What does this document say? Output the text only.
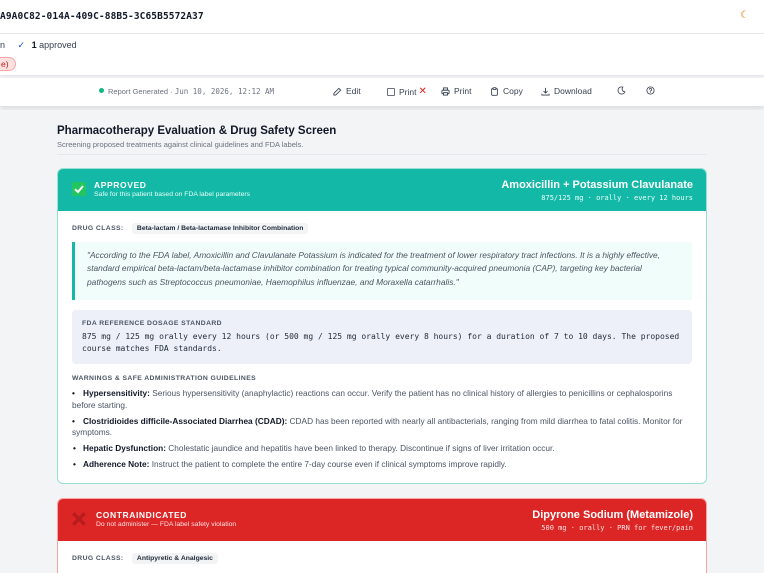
A9A0C82-014A-409C-88B5-3C65B5572A37	☾
n ✓ 1 approved
e)
Report Generated · Jun 10, 2026, 12:12 AM	Edit	Print ✕	Print	Copy	Download
Pharmacotherapy Evaluation & Drug Safety Screen
Screening proposed treatments against clinical guidelines and FDA labels.
APPROVED
Safe for this patient based on FDA label parameters
Amoxicillin + Potassium Clavulanate
875/125 mg · orally · every 12 hours
DRUG CLASS: Beta-lactam / Beta-lactamase Inhibitor Combination
"According to the FDA label, Amoxicillin and Clavulanate Potassium is indicated for the treatment of lower respiratory tract infections. It is a highly effective, standard empirical beta-lactam/beta-lactamase inhibitor combination for treating typical community-acquired pneumonia (CAP), targeting key bacterial pathogens such as Streptococcus pneumoniae, Haemophilus influenzae, and Moraxella catarrhalis."
FDA REFERENCE DOSAGE STANDARD
875 mg / 125 mg orally every 12 hours (or 500 mg / 125 mg orally every 8 hours) for a duration of 7 to 10 days. The proposed course matches FDA standards.
WARNINGS & SAFE ADMINISTRATION GUIDELINES
• Hypersensitivity: Serious hypersensitivity (anaphylactic) reactions can occur. Verify the patient has no clinical history of allergies to penicillins or cephalosporins before starting.
• Clostridioides difficile-Associated Diarrhea (CDAD): CDAD has been reported with nearly all antibacterials, ranging from mild diarrhea to fatal colitis. Monitor for symptoms.
• Hepatic Dysfunction: Cholestatic jaundice and hepatitis have been linked to therapy. Discontinue if signs of liver irritation occur.
• Adherence Note: Instruct the patient to complete the entire 7-day course even if clinical symptoms improve rapidly.
CONTRAINDICATED
Do not administer — FDA label safety violation
Dipyrone Sodium (Metamizole)
500 mg · orally · PRN for fever/pain
DRUG CLASS: Antipyretic & Analgesic
